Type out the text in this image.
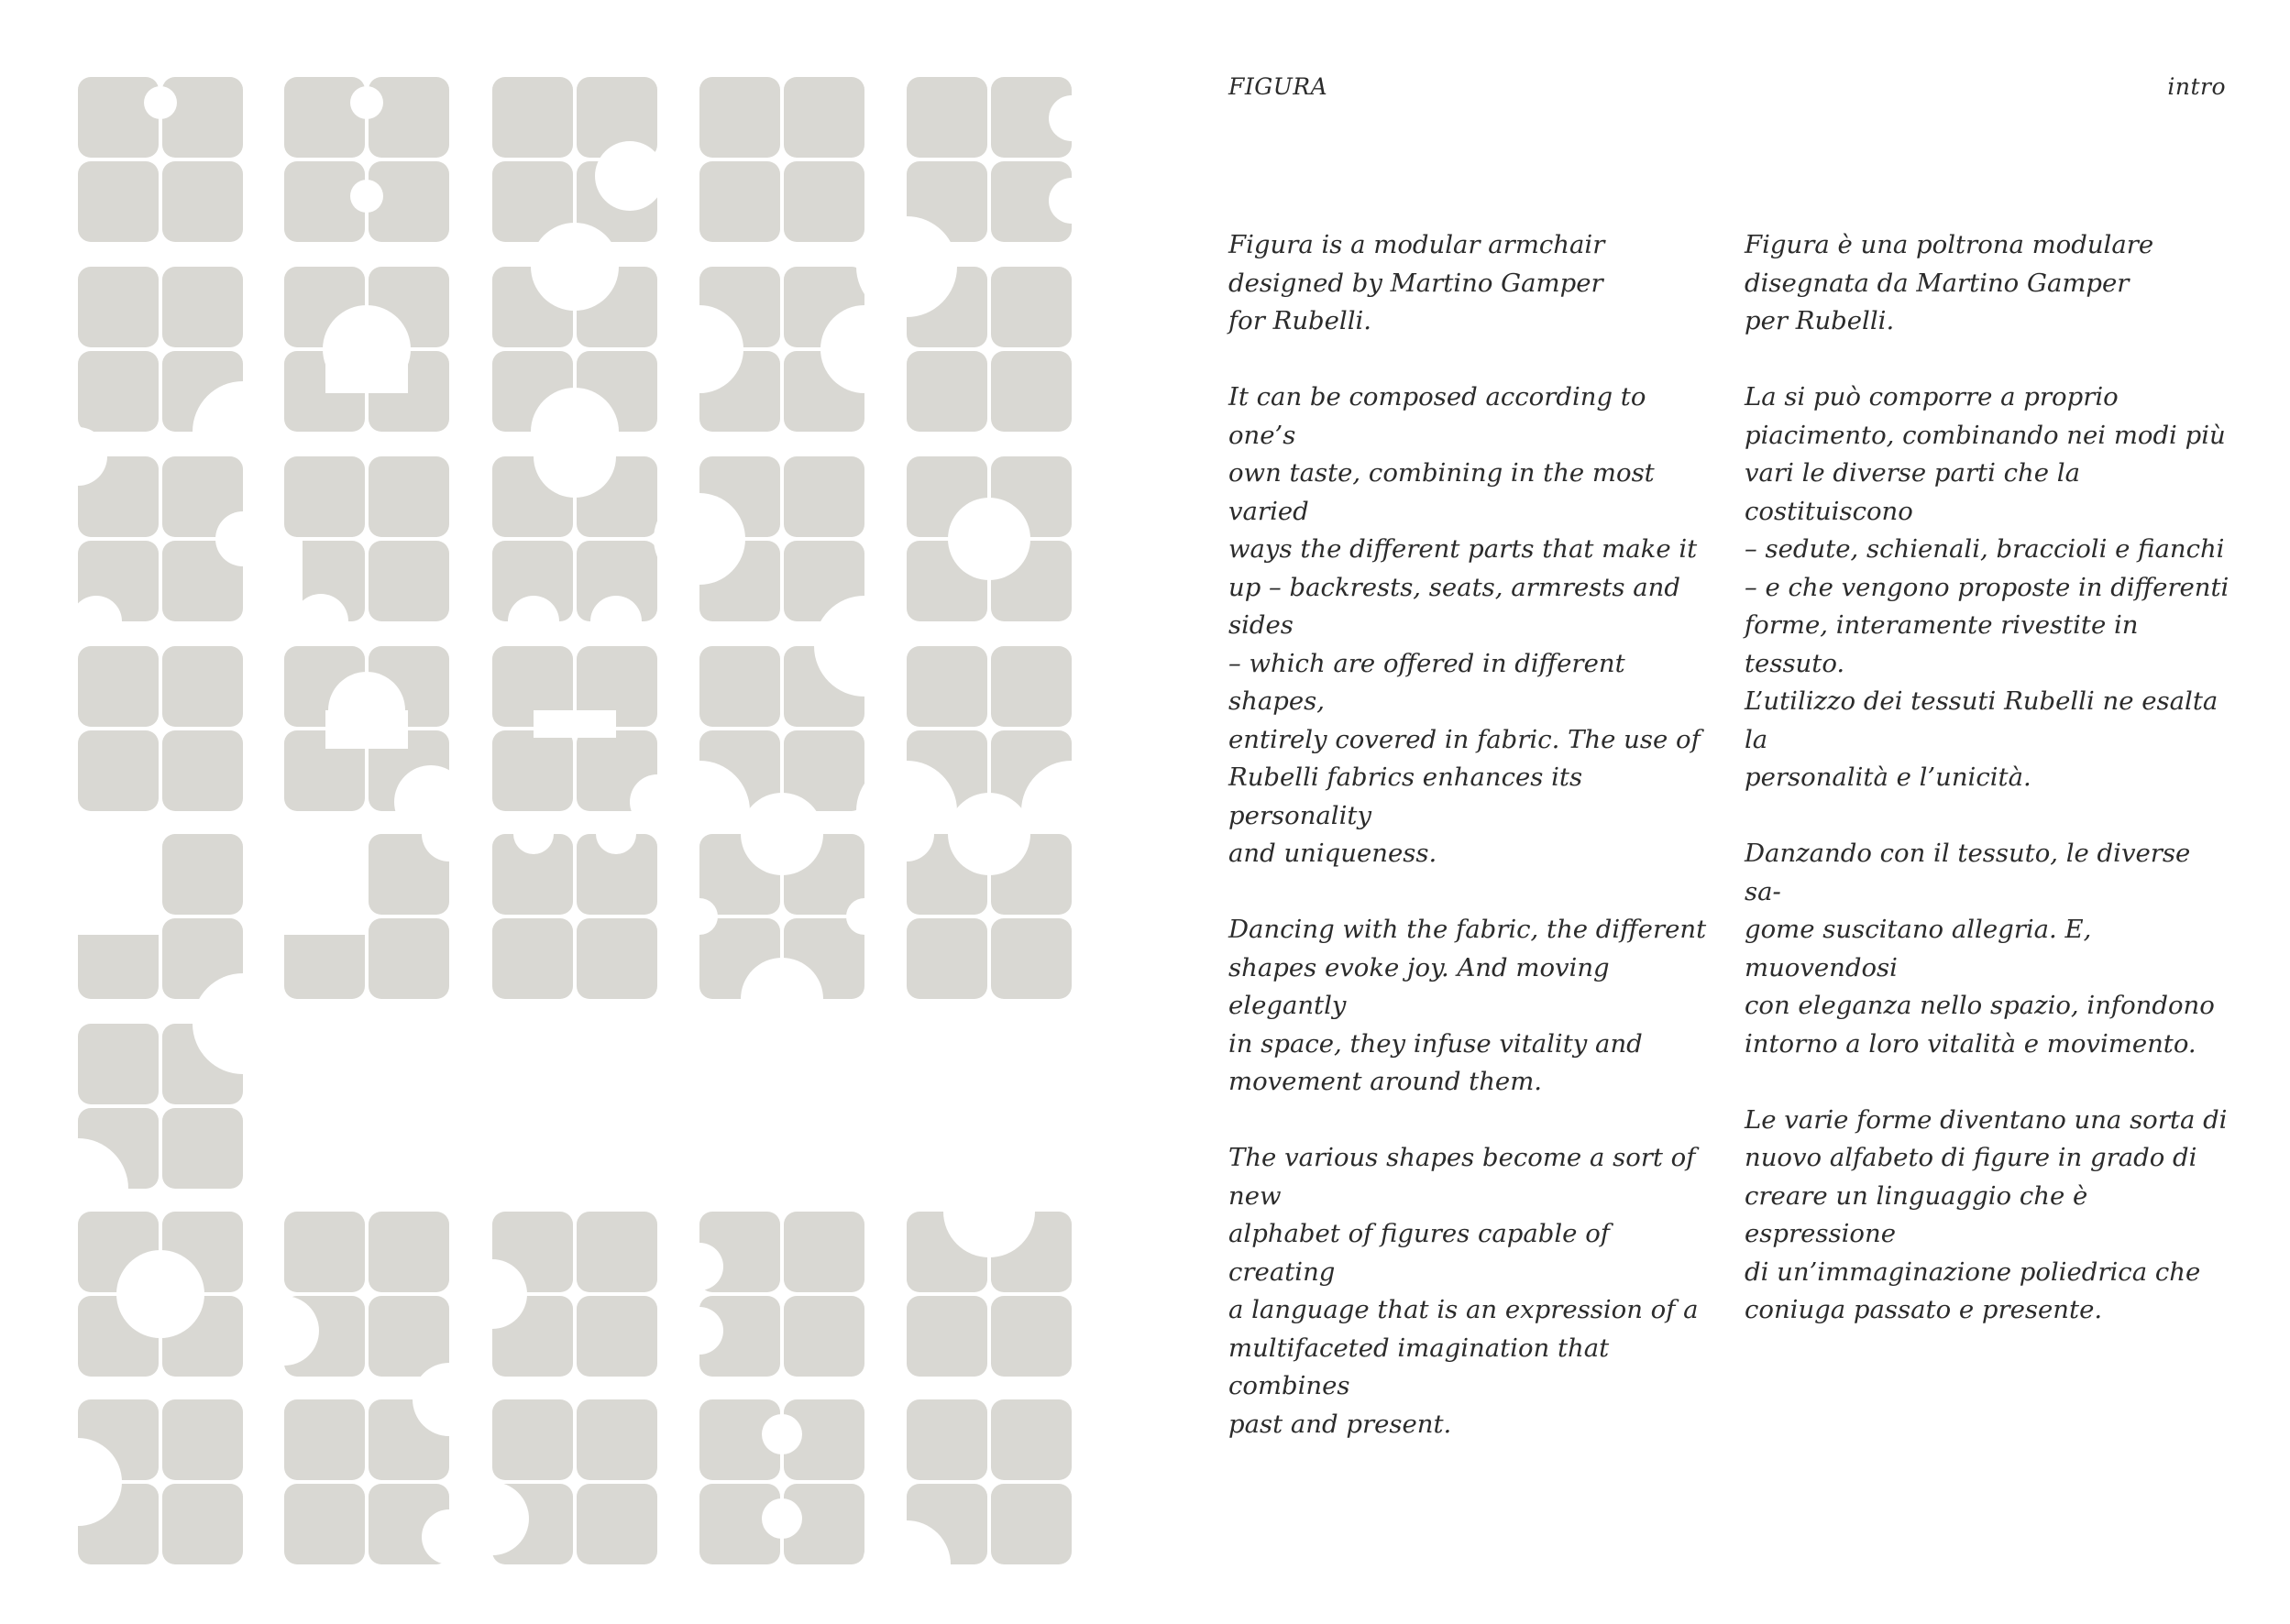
FIGURA	intro

Figura is a modular armchair
designed by Martino Gamper
for Rubelli.

It can be composed according to one’s
own taste, combining in the most varied
ways the different parts that make it
up – backrests, seats, armrests and sides
– which are offered in different shapes,
entirely covered in fabric. The use of
Rubelli fabrics enhances its personality
and uniqueness.

Dancing with the fabric, the different
shapes evoke joy. And moving elegantly
in space, they infuse vitality and
movement around them.

The various shapes become a sort of new
alphabet of figures capable of creating
a language that is an expression of a
multifaceted imagination that combines
past and present.

Figura è una poltrona modulare
disegnata da Martino Gamper
per Rubelli.

La si può comporre a proprio
piacimento, combinando nei modi più
vari le diverse parti che la costituiscono
– sedute, schienali, braccioli e fianchi
– e che vengono proposte in differenti
forme, interamente rivestite in tessuto.
L’utilizzo dei tessuti Rubelli ne esalta la
personalità e l’unicità.

Danzando con il tessuto, le diverse sa-
gome suscitano allegria. E, muovendosi
con eleganza nello spazio, infondono
intorno a loro vitalità e movimento.

Le varie forme diventano una sorta di
nuovo alfabeto di figure in grado di
creare un linguaggio che è espressione
di un’immaginazione poliedrica che
coniuga passato e presente.
